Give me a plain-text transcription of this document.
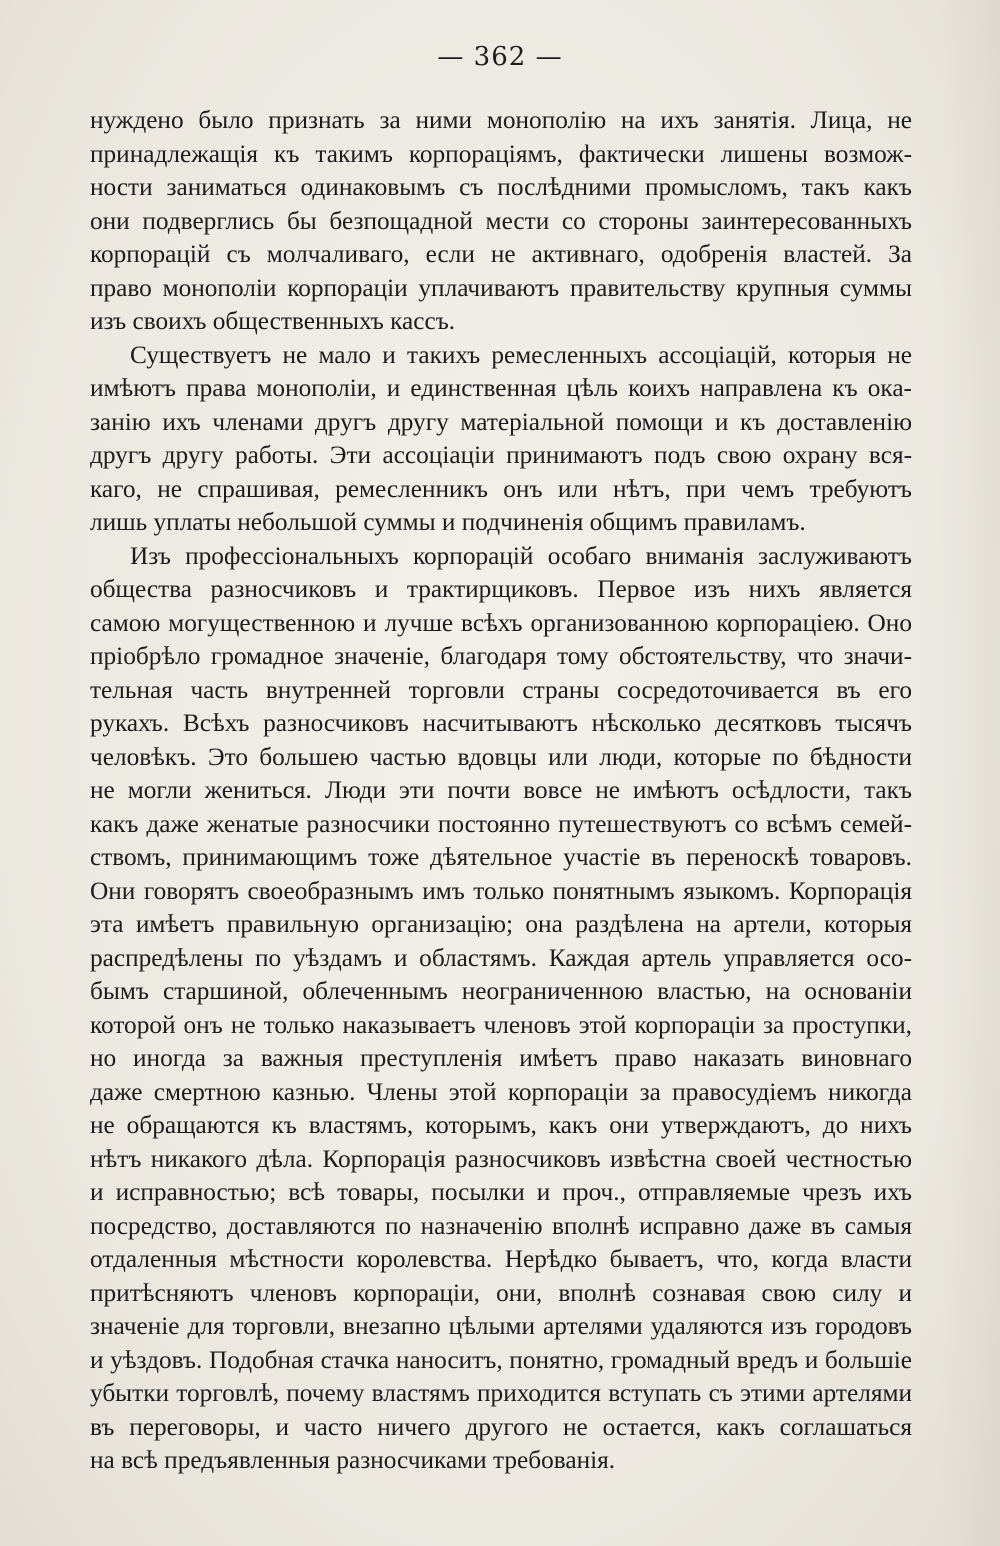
— 362 —
нуждено было признать за ними монополію на ихъ занятія. Лица, не
принадлежащія къ такимъ корпораціямъ, фактически лишены возмож-
ности заниматься одинаковымъ съ послѣдними промысломъ, такъ какъ
они подверглись бы безпощадной мести со стороны заинтересованныхъ
корпорацій съ молчаливаго, если не активнаго, одобренія властей. За
право монополіи корпораціи уплачиваютъ правительству крупныя суммы
изъ своихъ общественныхъ кассъ.
Существуетъ не мало и такихъ ремесленныхъ ассоціацій, которыя не
имѣютъ права монополіи, и единственная цѣль коихъ направлена къ ока-
занію ихъ членами другъ другу матеріальной помощи и къ доставленію
другъ другу работы. Эти ассоціаціи принимаютъ подъ свою охрану вся-
каго, не спрашивая, ремесленникъ онъ или нѣтъ, при чемъ требуютъ
лишь уплаты небольшой суммы и подчиненія общимъ правиламъ.
Изъ профессіональныхъ корпорацій особаго вниманія заслуживаютъ
общества разносчиковъ и трактирщиковъ. Первое изъ нихъ является
самою могущественною и лучше всѣхъ организованною корпораціею. Оно
пріобрѣло громадное значеніе, благодаря тому обстоятельству, что значи-
тельная часть внутренней торговли страны сосредоточивается въ его
рукахъ. Всѣхъ разносчиковъ насчитываютъ нѣсколько десятковъ тысячъ
человѣкъ. Это большею частью вдовцы или люди, которые по бѣдности
не могли жениться. Люди эти почти вовсе не имѣютъ осѣдлости, такъ
какъ даже женатые разносчики постоянно путешествуютъ со всѣмъ семей-
ствомъ, принимающимъ тоже дѣятельное участіе въ переноскѣ товаровъ.
Они говорятъ своеобразнымъ имъ только понятнымъ языкомъ. Корпорація
эта имѣетъ правильную организацію; она раздѣлена на артели, которыя
распредѣлены по уѣздамъ и областямъ. Каждая артель управляется осо-
бымъ старшиной, облеченнымъ неограниченною властью, на основаніи
которой онъ не только наказываетъ членовъ этой корпораціи за проступки,
но иногда за важныя преступленія имѣетъ право наказать виновнаго
даже смертною казнью. Члены этой корпораціи за правосудіемъ никогда
не обращаются къ властямъ, которымъ, какъ они утверждаютъ, до нихъ
нѣтъ никакого дѣла. Корпорація разносчиковъ извѣстна своей честностью
и исправностью; всѣ товары, посылки и проч., отправляемые чрезъ ихъ
посредство, доставляются по назначенію вполнѣ исправно даже въ самыя
отдаленныя мѣстности королевства. Нерѣдко бываетъ, что, когда власти
притѣсняютъ членовъ корпораціи, они, вполнѣ сознавая свою силу и
значеніе для торговли, внезапно цѣлыми артелями удаляются изъ городовъ
и уѣздовъ. Подобная стачка наноситъ, понятно, громадный вредъ и большіе
убытки торговлѣ, почему властямъ приходится вступать съ этими артелями
въ переговоры, и часто ничего другого не остается, какъ соглашаться
на всѣ предъявленныя разносчиками требованія.
